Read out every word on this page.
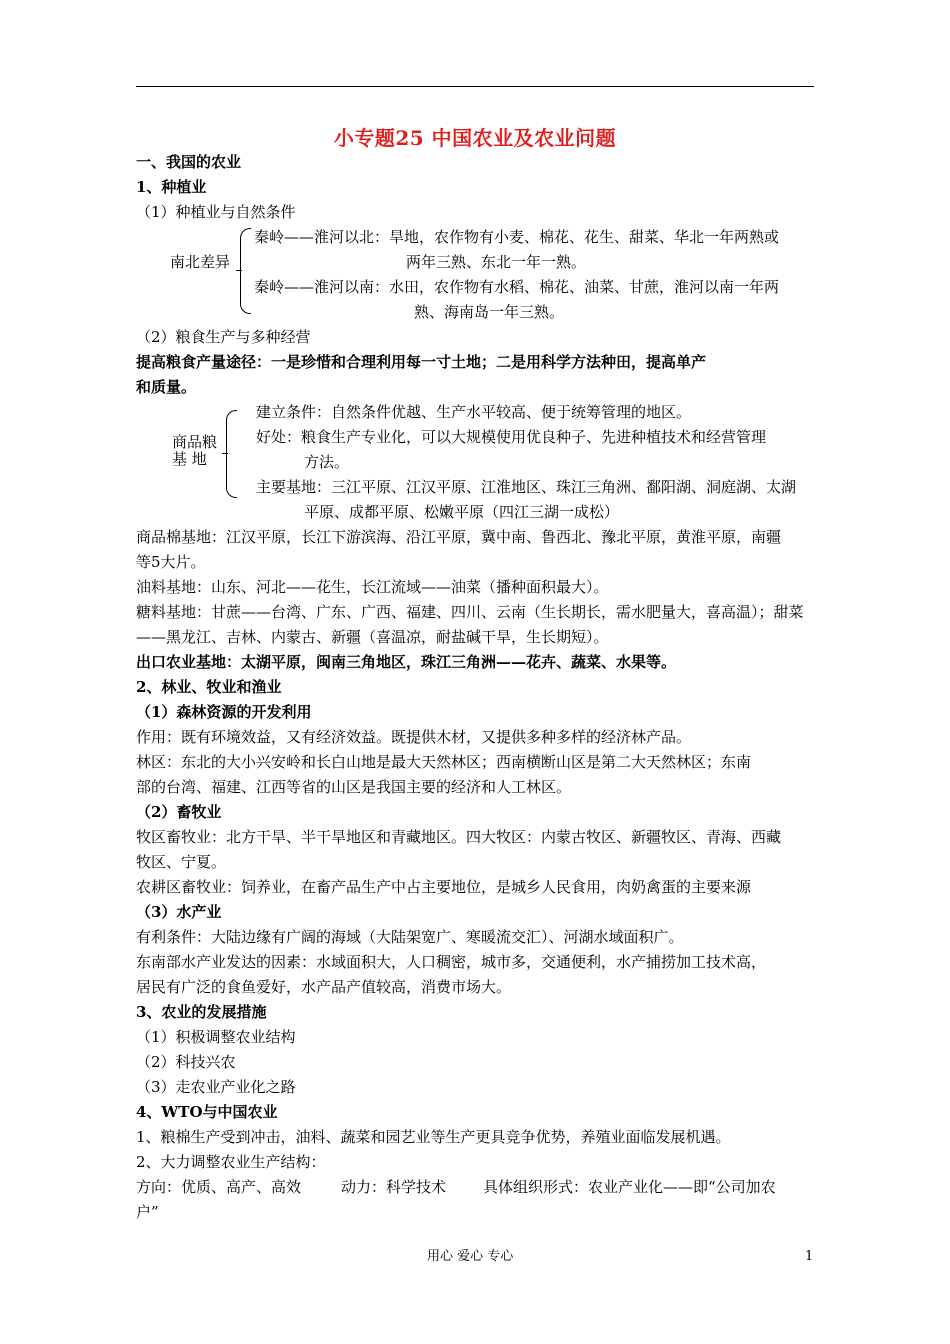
小专题25 中国农业及农业问题
一、我国的农业
1、种植业
（1）种植业与自然条件
南北差异
秦岭——淮河以北：旱地，农作物有小麦、棉花、花生、甜菜、华北一年两熟或
两年三熟、东北一年一熟。
秦岭——淮河以南：水田，农作物有水稻、棉花、油菜、甘蔗，淮河以南一年两
熟、海南岛一年三熟。
（2）粮食生产与多种经营
提高粮食产量途径：一是珍惜和合理利用每一寸土地；二是用科学方法种田，提高单产
和质量。
商品粮
基 地
建立条件：自然条件优越、生产水平较高、便于统筹管理的地区。
好处：粮食生产专业化，可以大规模使用优良种子、先进种植技术和经营管理
方法。
主要基地：三江平原、江汉平原、江淮地区、珠江三角洲、鄱阳湖、洞庭湖、太湖
平原、成都平原、松嫩平原（四江三湖一成松）
商品棉基地：江汉平原，长江下游滨海、沿江平原，冀中南、鲁西北、豫北平原，黄淮平原，南疆
等5大片。
油料基地：山东、河北——花生，长江流域——油菜（播种面积最大）。
糖料基地：甘蔗——台湾、广东、广西、福建、四川、云南（生长期长，需水肥量大，喜高温）；甜菜
——黑龙江、吉林、内蒙古、新疆（喜温凉，耐盐碱干旱，生长期短）。
出口农业基地：太湖平原，闽南三角地区，珠江三角洲——花卉、蔬菜、水果等。
2、林业、牧业和渔业
（1）森林资源的开发利用
作用：既有环境效益，又有经济效益。既提供木材，又提供多种多样的经济林产品。
林区：东北的大小兴安岭和长白山地是最大天然林区；西南横断山区是第二大天然林区；东南
部的台湾、福建、江西等省的山区是我国主要的经济和人工林区。
（2）畜牧业
牧区畜牧业：北方干旱、半干旱地区和青藏地区。四大牧区：内蒙古牧区、新疆牧区、青海、西藏
牧区、宁夏。
农耕区畜牧业：饲养业，在畜产品生产中占主要地位，是城乡人民食用，肉奶禽蛋的主要来源
（3）水产业
有利条件：大陆边缘有广阔的海域（大陆架宽广、寒暖流交汇）、河湖水域面积广。
东南部水产业发达的因素：水域面积大，人口稠密，城市多，交通便利，水产捕捞加工技术高，
居民有广泛的食鱼爱好，水产品产值较高，消费市场大。
3、农业的发展措施
（1）积极调整农业结构
（2）科技兴农
（3）走农业产业化之路
4、WTO与中国农业
1、粮棉生产受到冲击，油料、蔬菜和园艺业等生产更具竞争优势，养殖业面临发展机遇。
2、大力调整农业生产结构：
方向：优质、高产、高效	动力：科学技术 具体组织形式：农业产业化——即“公司加农
户”
用心 爱心 专心	1
